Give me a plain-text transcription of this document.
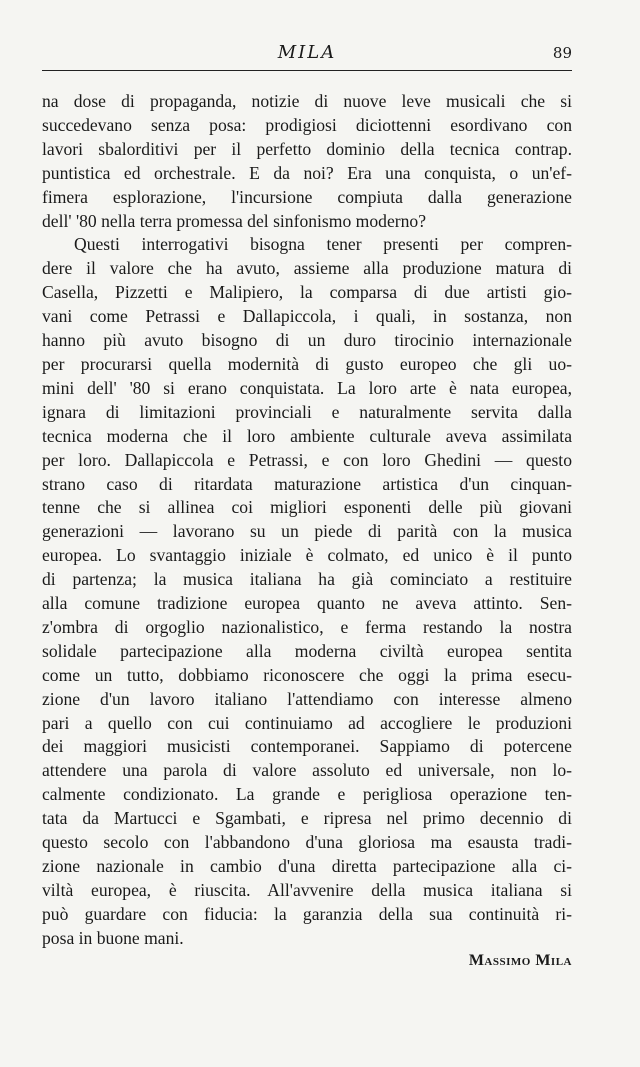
MILA	89
na dose di propaganda, notizie di nuove leve musicali che si
succedevano senza posa: prodigiosi diciottenni esordivano con
lavori sbalorditivi per il perfetto dominio della tecnica contrap.
puntistica ed orchestrale. E da noi? Era una conquista, o un'ef-
fimera esplorazione, l'incursione compiuta dalla generazione
dell' '80 nella terra promessa del sinfonismo moderno?
Questi interrogativi bisogna tener presenti per compren-
dere il valore che ha avuto, assieme alla produzione matura di
Casella, Pizzetti e Malipiero, la comparsa di due artisti gio-
vani come Petrassi e Dallapiccola, i quali, in sostanza, non
hanno più avuto bisogno di un duro tirocinio internazionale
per procurarsi quella modernità di gusto europeo che gli uo-
mini dell' '80 si erano conquistata. La loro arte è nata europea,
ignara di limitazioni provinciali e naturalmente servita dalla
tecnica moderna che il loro ambiente culturale aveva assimilata
per loro. Dallapiccola e Petrassi, e con loro Ghedini — questo
strano caso di ritardata maturazione artistica d'un cinquan-
tenne che si allinea coi migliori esponenti delle più giovani
generazioni — lavorano su un piede di parità con la musica
europea. Lo svantaggio iniziale è colmato, ed unico è il punto
di partenza; la musica italiana ha già cominciato a restituire
alla comune tradizione europea quanto ne aveva attinto. Sen-
z'ombra di orgoglio nazionalistico, e ferma restando la nostra
solidale partecipazione alla moderna civiltà europea sentita
come un tutto, dobbiamo riconoscere che oggi la prima esecu-
zione d'un lavoro italiano l'attendiamo con interesse almeno
pari a quello con cui continuiamo ad accogliere le produzioni
dei maggiori musicisti contemporanei. Sappiamo di potercene
attendere una parola di valore assoluto ed universale, non lo-
calmente condizionato. La grande e perigliosa operazione ten-
tata da Martucci e Sgambati, e ripresa nel primo decennio di
questo secolo con l'abbandono d'una gloriosa ma esausta tradi-
zione nazionale in cambio d'una diretta partecipazione alla ci-
viltà europea, è riuscita. All'avvenire della musica italiana si
può guardare con fiducia: la garanzia della sua continuità ri-
posa in buone mani.
Massimo Mila
